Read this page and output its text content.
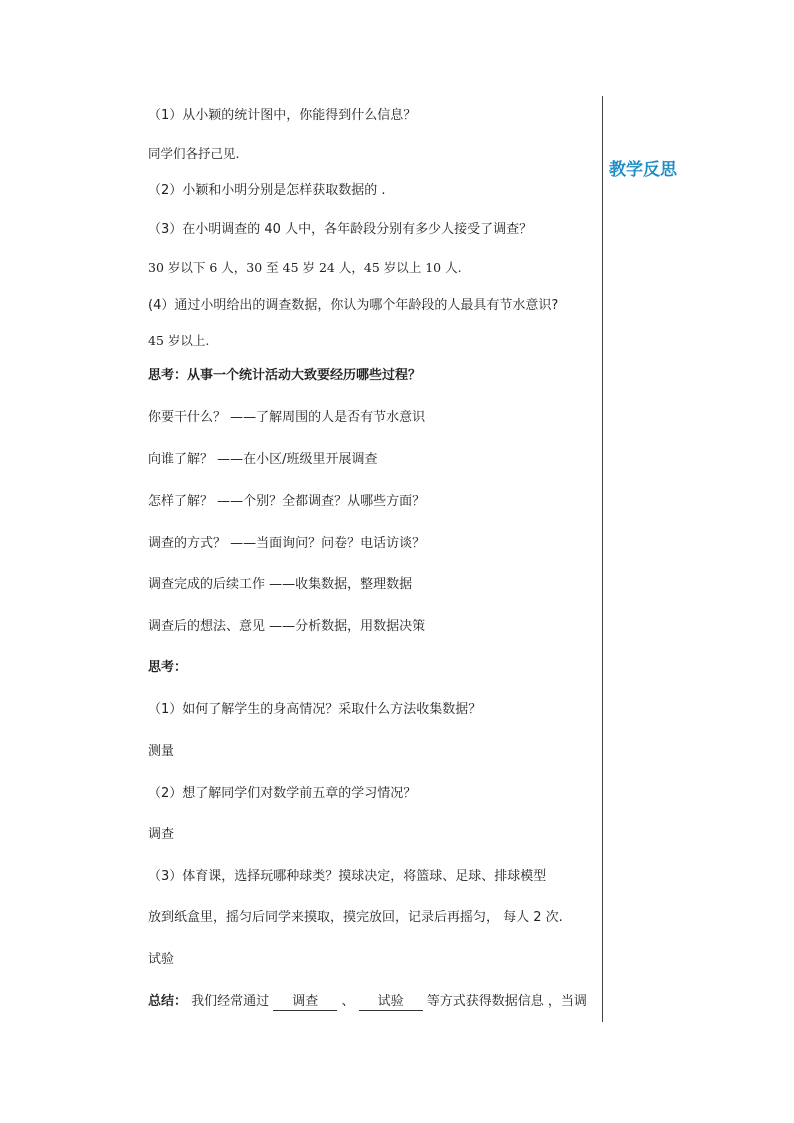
教学反思
（1）从小颖的统计图中，你能得到什么信息？
同学们各抒己见.
（2）小颖和小明分别是怎样获取数据的 .
（3）在小明调查的 40 人中，各年龄段分别有多少人接受了调查？
30 岁以下 6 人，30 至 45 岁 24 人，45 岁以上 10 人.
(4）通过小明给出的调查数据，你认为哪个年龄段的人最具有节水意识?
45 岁以上.
思考：从事一个统计活动大致要经历哪些过程？
你要干什么？ ——了解周围的人是否有节水意识
向谁了解？ ——在小区/班级里开展调查
怎样了解？ ——个别？全都调查？从哪些方面？
调查的方式？ ——当面询问？问卷？电话访谈？
调查完成的后续工作 ——收集数据，整理数据
调查后的想法、意见 ——分析数据，用数据决策
思考：
（1）如何了解学生的身高情况？采取什么方法收集数据？
测量
（2）想了解同学们对数学前五章的学习情况？
调查
（3）体育课，选择玩哪种球类？摸球决定，将篮球、足球、排球模型
放到纸盒里，摇匀后同学来摸取，摸完放回，记录后再摇匀， 每人 2 次.
试验
总结： 我们经常通过 调查 、 试验 等方式获得数据信息 ，当调
